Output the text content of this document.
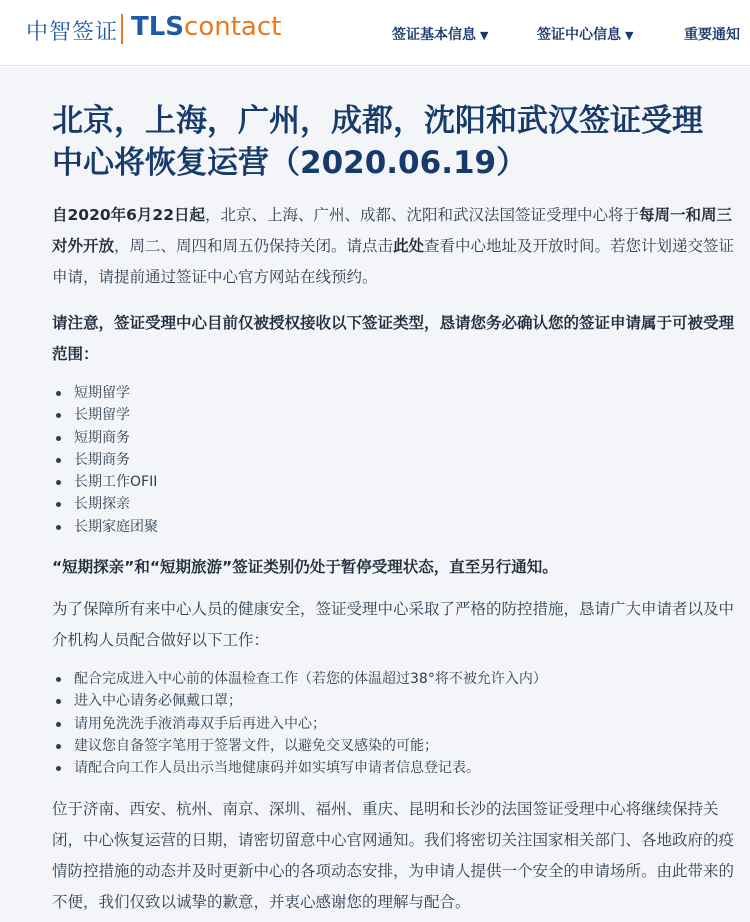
中智签证 TLScontact	签证基本信息 ▼	签证中心信息 ▼	重要通知
北京，上海，广州，成都，沈阳和武汉签证受理中心将恢复运营（2020.06.19）

自2020年6月22日起，北京、上海、广州、成都、沈阳和武汉法国签证受理中心将于每周一和周三对外开放，周二、周四和周五仍保持关闭。请点击此处查看中心地址及开放时间。若您计划递交签证申请，请提前通过签证中心官方网站在线预约。

请注意，签证受理中心目前仅被授权接收以下签证类型，恳请您务必确认您的签证申请属于可被受理范围：

短期留学
长期留学
短期商务
长期商务
长期工作OFII
长期探亲
长期家庭团聚

“短期探亲”和“短期旅游”签证类别仍处于暂停受理状态，直至另行通知。

为了保障所有来中心人员的健康安全，签证受理中心采取了严格的防控措施，恳请广大申请者以及中介机构人员配合做好以下工作：

配合完成进入中心前的体温检查工作（若您的体温超过38°将不被允许入内）
进入中心请务必佩戴口罩；
请用免洗洗手液消毒双手后再进入中心；
建议您自备签字笔用于签署文件，以避免交叉感染的可能；
请配合向工作人员出示当地健康码并如实填写申请者信息登记表。

位于济南、西安、杭州、南京、深圳、福州、重庆、昆明和长沙的法国签证受理中心将继续保持关闭，中心恢复运营的日期，请密切留意中心官网通知。我们将密切关注国家相关部门、各地政府的疫情防控措施的动态并及时更新中心的各项动态安排，为申请人提供一个安全的申请场所。由此带来的不便，我们仅致以诚挚的歉意，并衷心感谢您的理解与配合。
